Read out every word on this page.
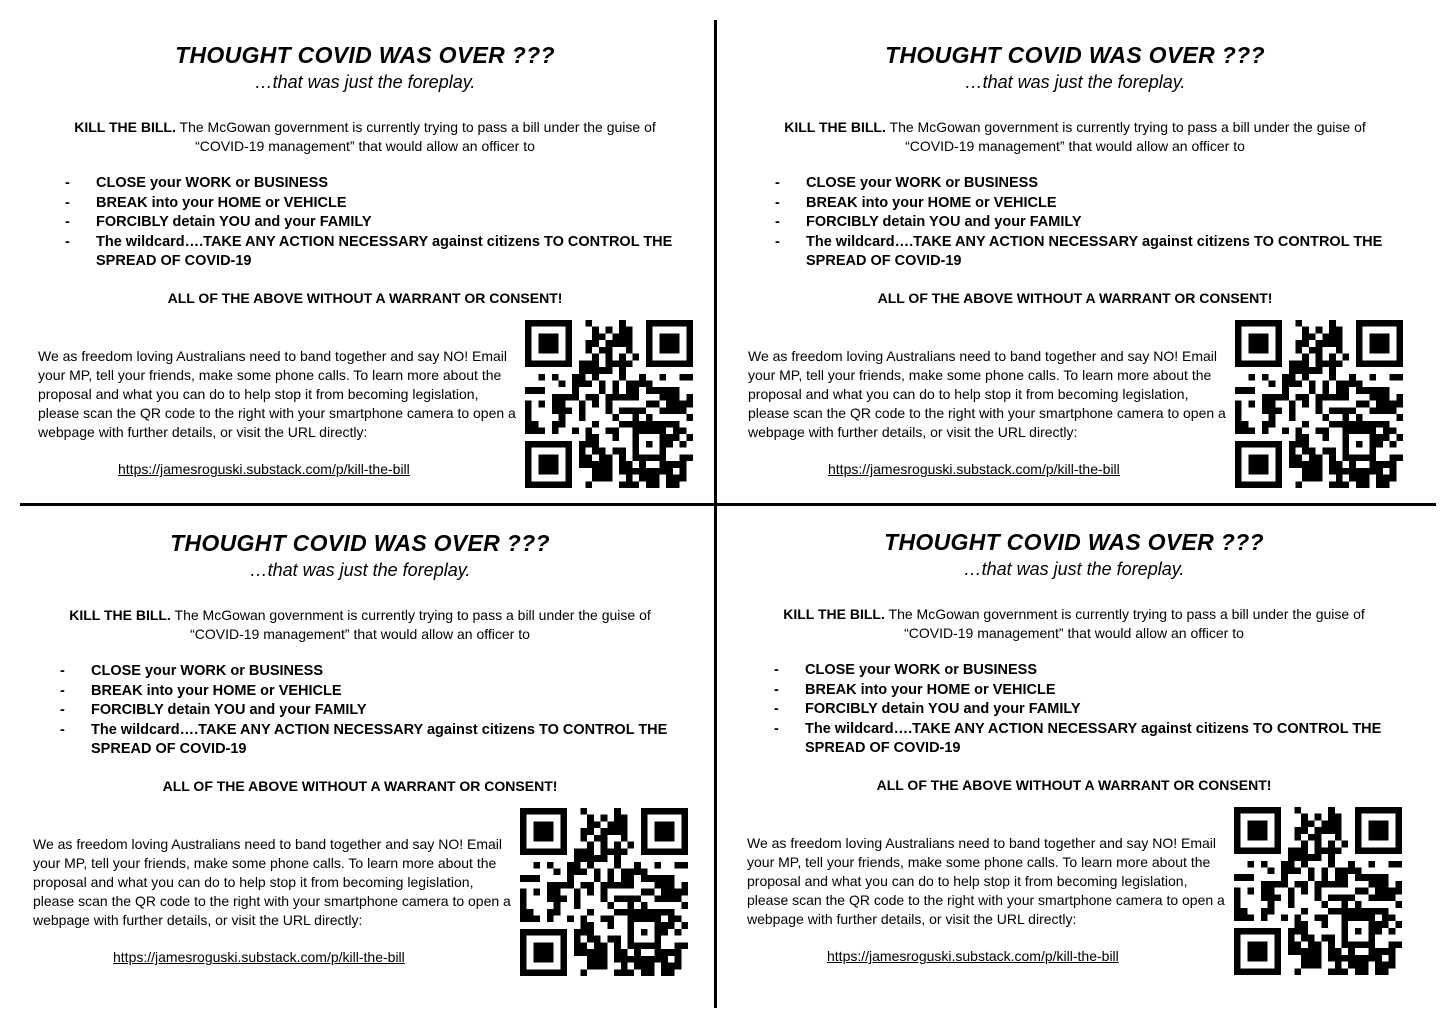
THOUGHT COVID WAS OVER ???
…that was just the foreplay.
KILL THE BILL. The McGowan government is currently trying to pass a bill under the guise of “COVID-19 management” that would allow an officer to
- CLOSE your WORK or BUSINESS
- BREAK into your HOME or VEHICLE
- FORCIBLY detain YOU and your FAMILY
- The wildcard….TAKE ANY ACTION NECESSARY against citizens TO CONTROL THE SPREAD OF COVID-19
ALL OF THE ABOVE WITHOUT A WARRANT OR CONSENT!
We as freedom loving Australians need to band together and say NO! Email your MP, tell your friends, make some phone calls. To learn more about the proposal and what you can do to help stop it from becoming legislation, please scan the QR code to the right with your smartphone camera to open a webpage with further details, or visit the URL directly:
https://jamesroguski.substack.com/p/kill-the-bill
THOUGHT COVID WAS OVER ???
…that was just the foreplay.
KILL THE BILL. The McGowan government is currently trying to pass a bill under the guise of “COVID-19 management” that would allow an officer to
- CLOSE your WORK or BUSINESS
- BREAK into your HOME or VEHICLE
- FORCIBLY detain YOU and your FAMILY
- The wildcard….TAKE ANY ACTION NECESSARY against citizens TO CONTROL THE SPREAD OF COVID-19
ALL OF THE ABOVE WITHOUT A WARRANT OR CONSENT!
We as freedom loving Australians need to band together and say NO! Email your MP, tell your friends, make some phone calls. To learn more about the proposal and what you can do to help stop it from becoming legislation, please scan the QR code to the right with your smartphone camera to open a webpage with further details, or visit the URL directly:
https://jamesroguski.substack.com/p/kill-the-bill
THOUGHT COVID WAS OVER ???
…that was just the foreplay.
KILL THE BILL. The McGowan government is currently trying to pass a bill under the guise of “COVID-19 management” that would allow an officer to
- CLOSE your WORK or BUSINESS
- BREAK into your HOME or VEHICLE
- FORCIBLY detain YOU and your FAMILY
- The wildcard….TAKE ANY ACTION NECESSARY against citizens TO CONTROL THE SPREAD OF COVID-19
ALL OF THE ABOVE WITHOUT A WARRANT OR CONSENT!
We as freedom loving Australians need to band together and say NO! Email your MP, tell your friends, make some phone calls. To learn more about the proposal and what you can do to help stop it from becoming legislation, please scan the QR code to the right with your smartphone camera to open a webpage with further details, or visit the URL directly:
https://jamesroguski.substack.com/p/kill-the-bill
THOUGHT COVID WAS OVER ???
…that was just the foreplay.
KILL THE BILL. The McGowan government is currently trying to pass a bill under the guise of “COVID-19 management” that would allow an officer to
- CLOSE your WORK or BUSINESS
- BREAK into your HOME or VEHICLE
- FORCIBLY detain YOU and your FAMILY
- The wildcard….TAKE ANY ACTION NECESSARY against citizens TO CONTROL THE SPREAD OF COVID-19
ALL OF THE ABOVE WITHOUT A WARRANT OR CONSENT!
We as freedom loving Australians need to band together and say NO! Email your MP, tell your friends, make some phone calls. To learn more about the proposal and what you can do to help stop it from becoming legislation, please scan the QR code to the right with your smartphone camera to open a webpage with further details, or visit the URL directly:
https://jamesroguski.substack.com/p/kill-the-bill
